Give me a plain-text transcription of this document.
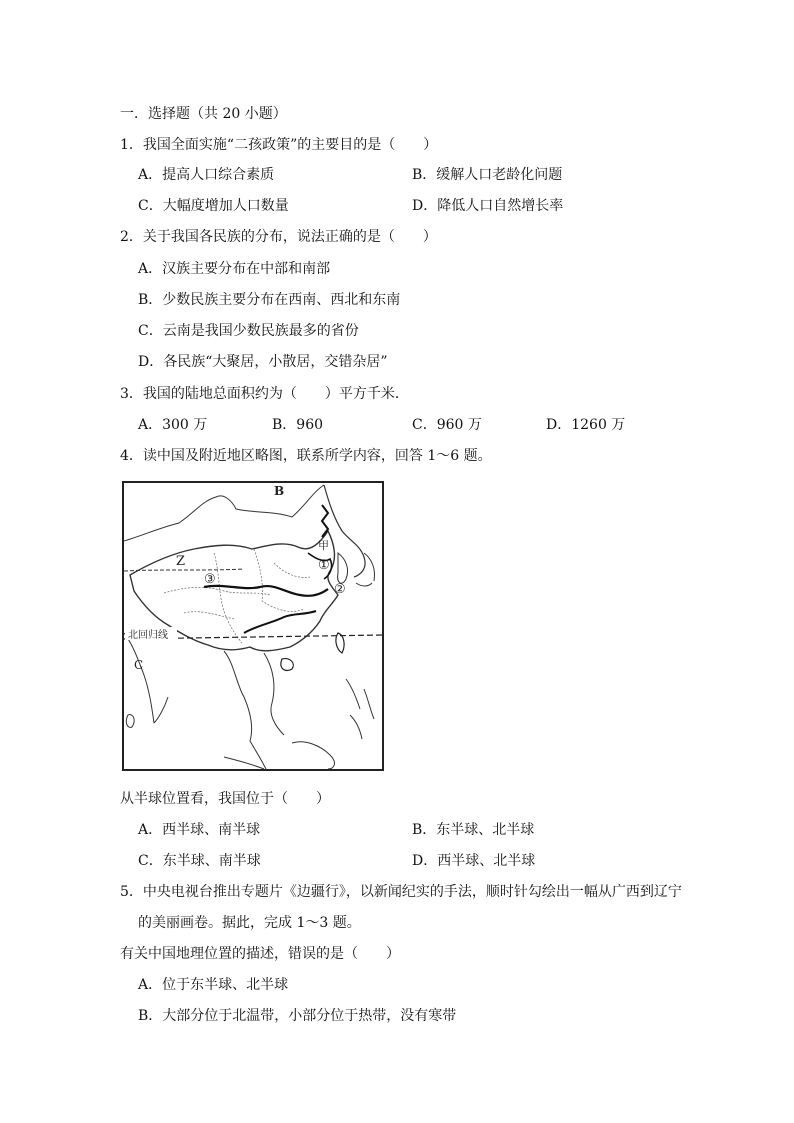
一．选择题（共 20 小题）
1．我国全面实施“二孩政策”的主要目的是（　　）
A．提高人口综合素质	B．缓解人口老龄化问题
C．大幅度增加人口数量	D．降低人口自然增长率
2．关于我国各民族的分布，说法正确的是（　　）
A．汉族主要分布在中部和南部
B．少数民族主要分布在西南、西北和东南
C．云南是我国少数民族最多的省份
D．各民族“大聚居，小散居，交错杂居”
3．我国的陆地总面积约为（　　）平方千米．
A．300 万	B．960	C．960 万	D．1260 万
4．读中国及附近地区略图，联系所学内容，回答 1～6 题。
B
Z
C
甲
①
②
③
北回归线
从半球位置看，我国位于（　　）
A．西半球、南半球	B．东半球、北半球
C．东半球、南半球	D．西半球、北半球
5．中央电视台推出专题片《边疆行》，以新闻纪实的手法，顺时针勾绘出一幅从广西到辽宁
的美丽画卷。据此，完成 1～3 题。
有关中国地理位置的描述，错误的是（　　）
A．位于东半球、北半球
B．大部分位于北温带，小部分位于热带，没有寒带
